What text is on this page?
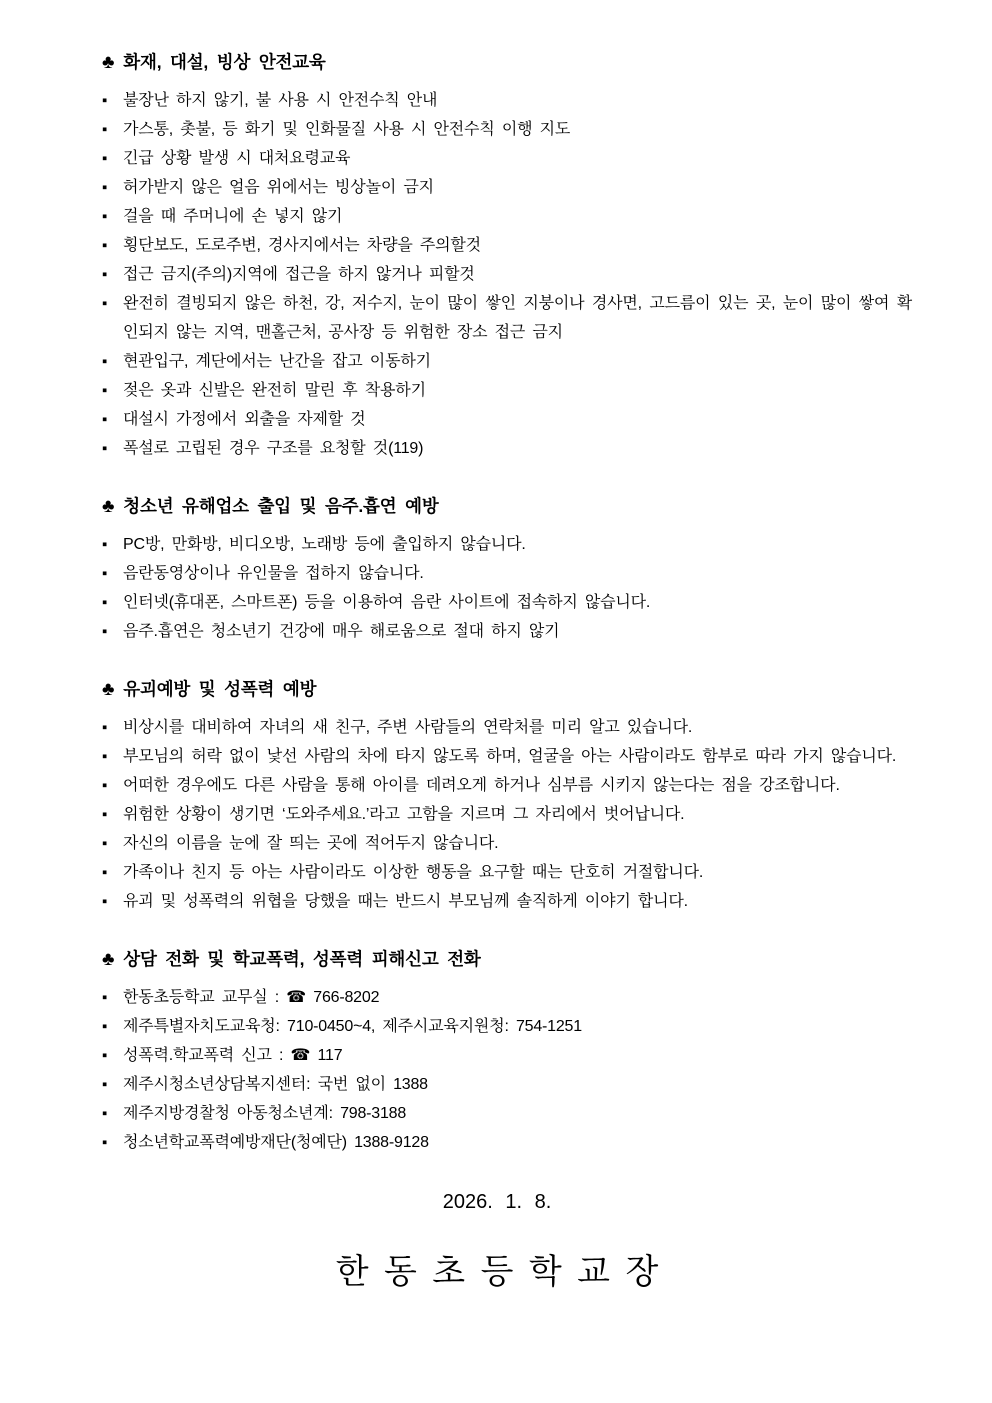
♣ 화재, 대설, 빙상 안전교육
▪ 불장난 하지 않기, 불 사용 시 안전수칙 안내
▪ 가스통, 촛불, 등 화기 및 인화물질 사용 시 안전수칙 이행 지도
▪ 긴급 상황 발생 시 대처요령교육
▪ 허가받지 않은 얼음 위에서는 빙상놀이 금지
▪ 걸을 때 주머니에 손 넣지 않기
▪ 횡단보도, 도로주변, 경사지에서는 차량을 주의할것
▪ 접근 금지(주의)지역에 접근을 하지 않거나 피할것
▪ 완전히 결빙되지 않은 하천, 강, 저수지, 눈이 많이 쌓인 지붕이나 경사면, 고드름이 있는 곳, 눈이 많이 쌓여 확인되지 않는 지역, 맨홀근처, 공사장 등 위험한 장소 접근 금지
▪ 현관입구, 계단에서는 난간을 잡고 이동하기
▪ 젖은 옷과 신발은 완전히 말린 후 착용하기
▪ 대설시 가정에서 외출을 자제할 것
▪ 폭설로 고립된 경우 구조를 요청할 것(119)
♣ 청소년 유해업소 출입 및 음주.흡연 예방
▪ PC방, 만화방, 비디오방, 노래방 등에 출입하지 않습니다.
▪ 음란동영상이나 유인물을 접하지 않습니다.
▪ 인터넷(휴대폰, 스마트폰) 등을 이용하여 음란 사이트에 접속하지 않습니다.
▪ 음주.흡연은 청소년기 건강에 매우 해로움으로 절대 하지 않기
♣ 유괴예방 및 성폭력 예방
▪ 비상시를 대비하여 자녀의 새 친구, 주변 사람들의 연락처를 미리 알고 있습니다.
▪ 부모님의 허락 없이 낯선 사람의 차에 타지 않도록 하며, 얼굴을 아는 사람이라도 함부로 따라 가지 않습니다.
▪ 어떠한 경우에도 다른 사람을 통해 아이를 데려오게 하거나 심부름 시키지 않는다는 점을 강조합니다.
▪ 위험한 상황이 생기면 ‘도와주세요.’라고 고함을 지르며 그 자리에서 벗어납니다.
▪ 자신의 이름을 눈에 잘 띄는 곳에 적어두지 않습니다.
▪ 가족이나 친지 등 아는 사람이라도 이상한 행동을 요구할 때는 단호히 거절합니다.
▪ 유괴 및 성폭력의 위협을 당했을 때는 반드시 부모님께 솔직하게 이야기 합니다.
♣ 상담 전화 및 학교폭력, 성폭력 피해신고 전화
▪ 한동초등학교 교무실 : ☎ 766-8202
▪ 제주특별자치도교육청: 710-0450~4, 제주시교육지원청: 754-1251
▪ 성폭력.학교폭력 신고 : ☎ 117
▪ 제주시청소년상담복지센터: 국번 없이 1388
▪ 제주지방경찰청 아동청소년계: 798-3188
▪ 청소년학교폭력예방재단(청예단) 1388-9128
2026. 1. 8.
한 동 초 등 학 교 장
